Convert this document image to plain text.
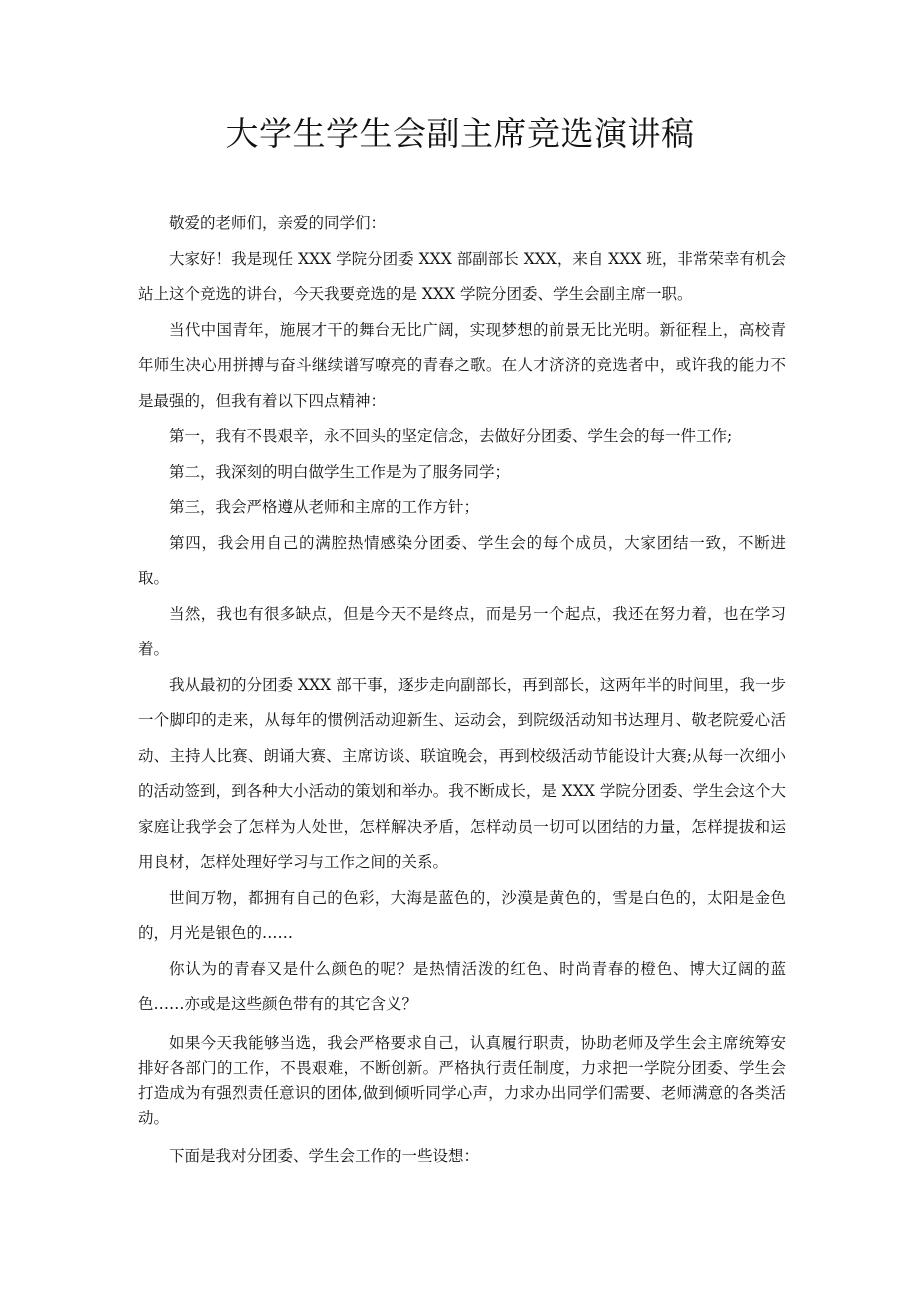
大学生学生会副主席竞选演讲稿

敬爱的老师们，亲爱的同学们：

大家好！我是现任 XXX 学院分团委 XXX 部副部长 XXX，来自 XXX 班，非常荣幸有机会站上这个竞选的讲台，今天我要竞选的是 XXX 学院分团委、学生会副主席一职。

当代中国青年，施展才干的舞台无比广阔，实现梦想的前景无比光明。新征程上，高校青年师生决心用拼搏与奋斗继续谱写嘹亮的青春之歌。在人才济济的竞选者中，或许我的能力不是最强的，但我有着以下四点精神：

第一，我有不畏艰辛，永不回头的坚定信念，去做好分团委、学生会的每一件工作;

第二，我深刻的明白做学生工作是为了服务同学；

第三，我会严格遵从老师和主席的工作方针；

第四，我会用自己的满腔热情感染分团委、学生会的每个成员，大家团结一致，不断进取。

当然，我也有很多缺点，但是今天不是终点，而是另一个起点，我还在努力着，也在学习着。

我从最初的分团委 XXX 部干事，逐步走向副部长，再到部长，这两年半的时间里，我一步一个脚印的走来，从每年的惯例活动迎新生、运动会，到院级活动知书达理月、敬老院爱心活动、主持人比赛、朗诵大赛、主席访谈、联谊晚会，再到校级活动节能设计大赛;从每一次细小的活动签到，到各种大小活动的策划和举办。我不断成长，是 XXX 学院分团委、学生会这个大家庭让我学会了怎样为人处世，怎样解决矛盾，怎样动员一切可以团结的力量，怎样提拔和运用良材，怎样处理好学习与工作之间的关系。

世间万物，都拥有自己的色彩，大海是蓝色的，沙漠是黄色的，雪是白色的，太阳是金色的，月光是银色的……

你认为的青春又是什么颜色的呢？是热情活泼的红色、时尚青春的橙色、博大辽阔的蓝色……亦或是这些颜色带有的其它含义？

如果今天我能够当选，我会严格要求自己，认真履行职责，协助老师及学生会主席统筹安排好各部门的工作，不畏艰难，不断创新。严格执行责任制度，力求把一学院分团委、学生会打造成为有强烈责任意识的团体,做到倾听同学心声，力求办出同学们需要、老师满意的各类活动。

下面是我对分团委、学生会工作的一些设想：
